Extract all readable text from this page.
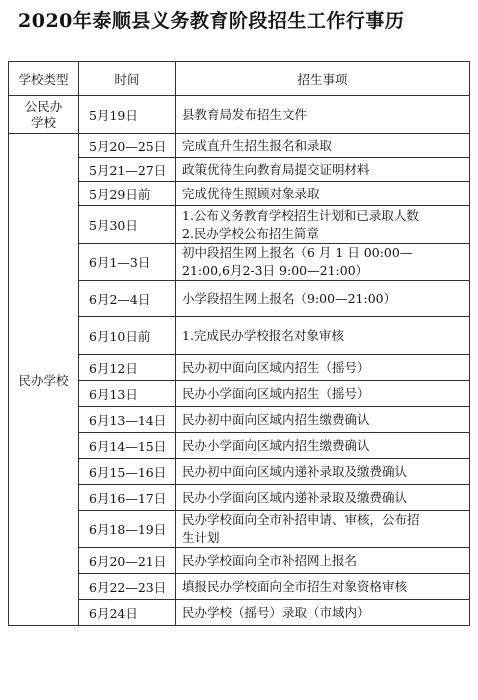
2020年泰顺县义务教育阶段招生工作行事历
学校类型	时间	招生事项
公民办学校	5月19日	县教育局发布招生文件
民办学校	5月20—25日	完成直升生招生报名和录取

	5月21—27日	政策优待生向教育局提交证明材料

	5月29日前	完成优待生照顾对象录取

	5月30日	1.公布义务教育学校招生计划和已录取人数
2.民办学校公布招生简章

	6月1—3日	初中段招生网上报名（6 月 1 日 00:00—
21:00,6月2-3日 9:00—21:00）

	6月2—4日	小学段招生网上报名（9:00—21:00）

	6月10日前	1.完成民办学校报名对象审核

	6月12日	民办初中面向区域内招生（摇号）

	6月13日	民办小学面向区域内招生（摇号）

	6月13—14日	民办初中面向区域内招生缴费确认

	6月14—15日	民办小学面向区域内招生缴费确认

	6月15—16日	民办初中面向区域内递补录取及缴费确认

	6月16—17日	民办小学面向区域内递补录取及缴费确认

	6月18—19日	民办学校面向全市补招申请、审核，公布招
生计划

	6月20—21日	民办学校面向全市补招网上报名

	6月22—23日	填报民办学校面向全市招生对象资格审核

	6月24日	民办学校（摇号）录取（市域内）
